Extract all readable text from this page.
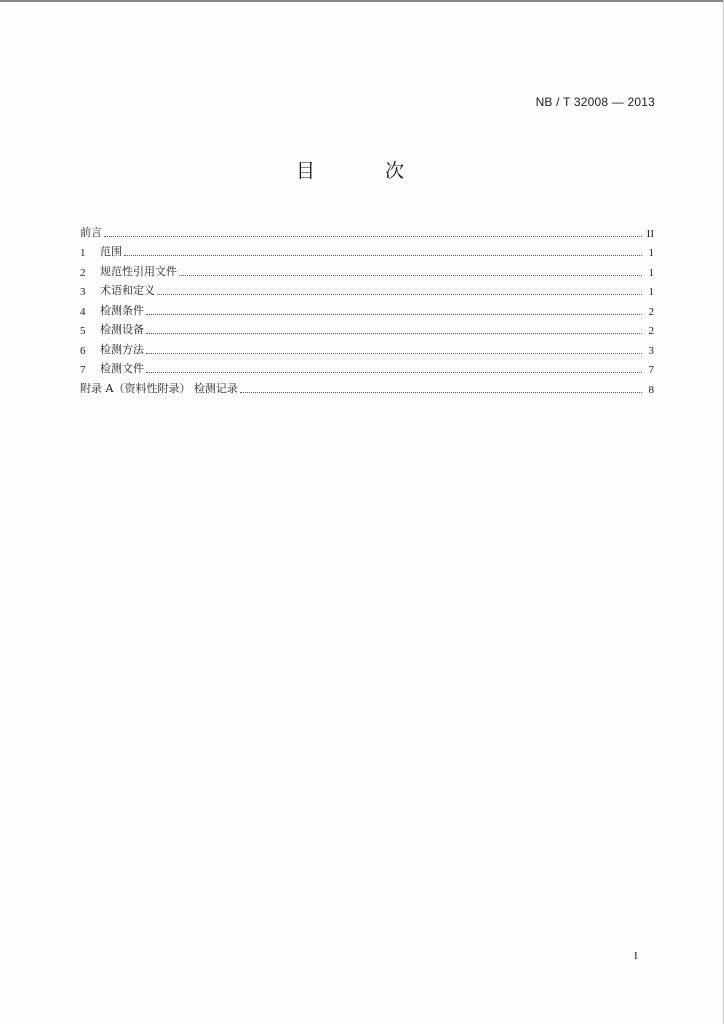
NB / T 32008 — 2013
目 次
前言	II
1	范围	1
2	规范性引用文件	1
3	术语和定义	1
4	检测条件	2
5	检测设备	2
6	检测方法	3
7	检测文件	7
附录 A（资料性附录） 检测记录	8
I
